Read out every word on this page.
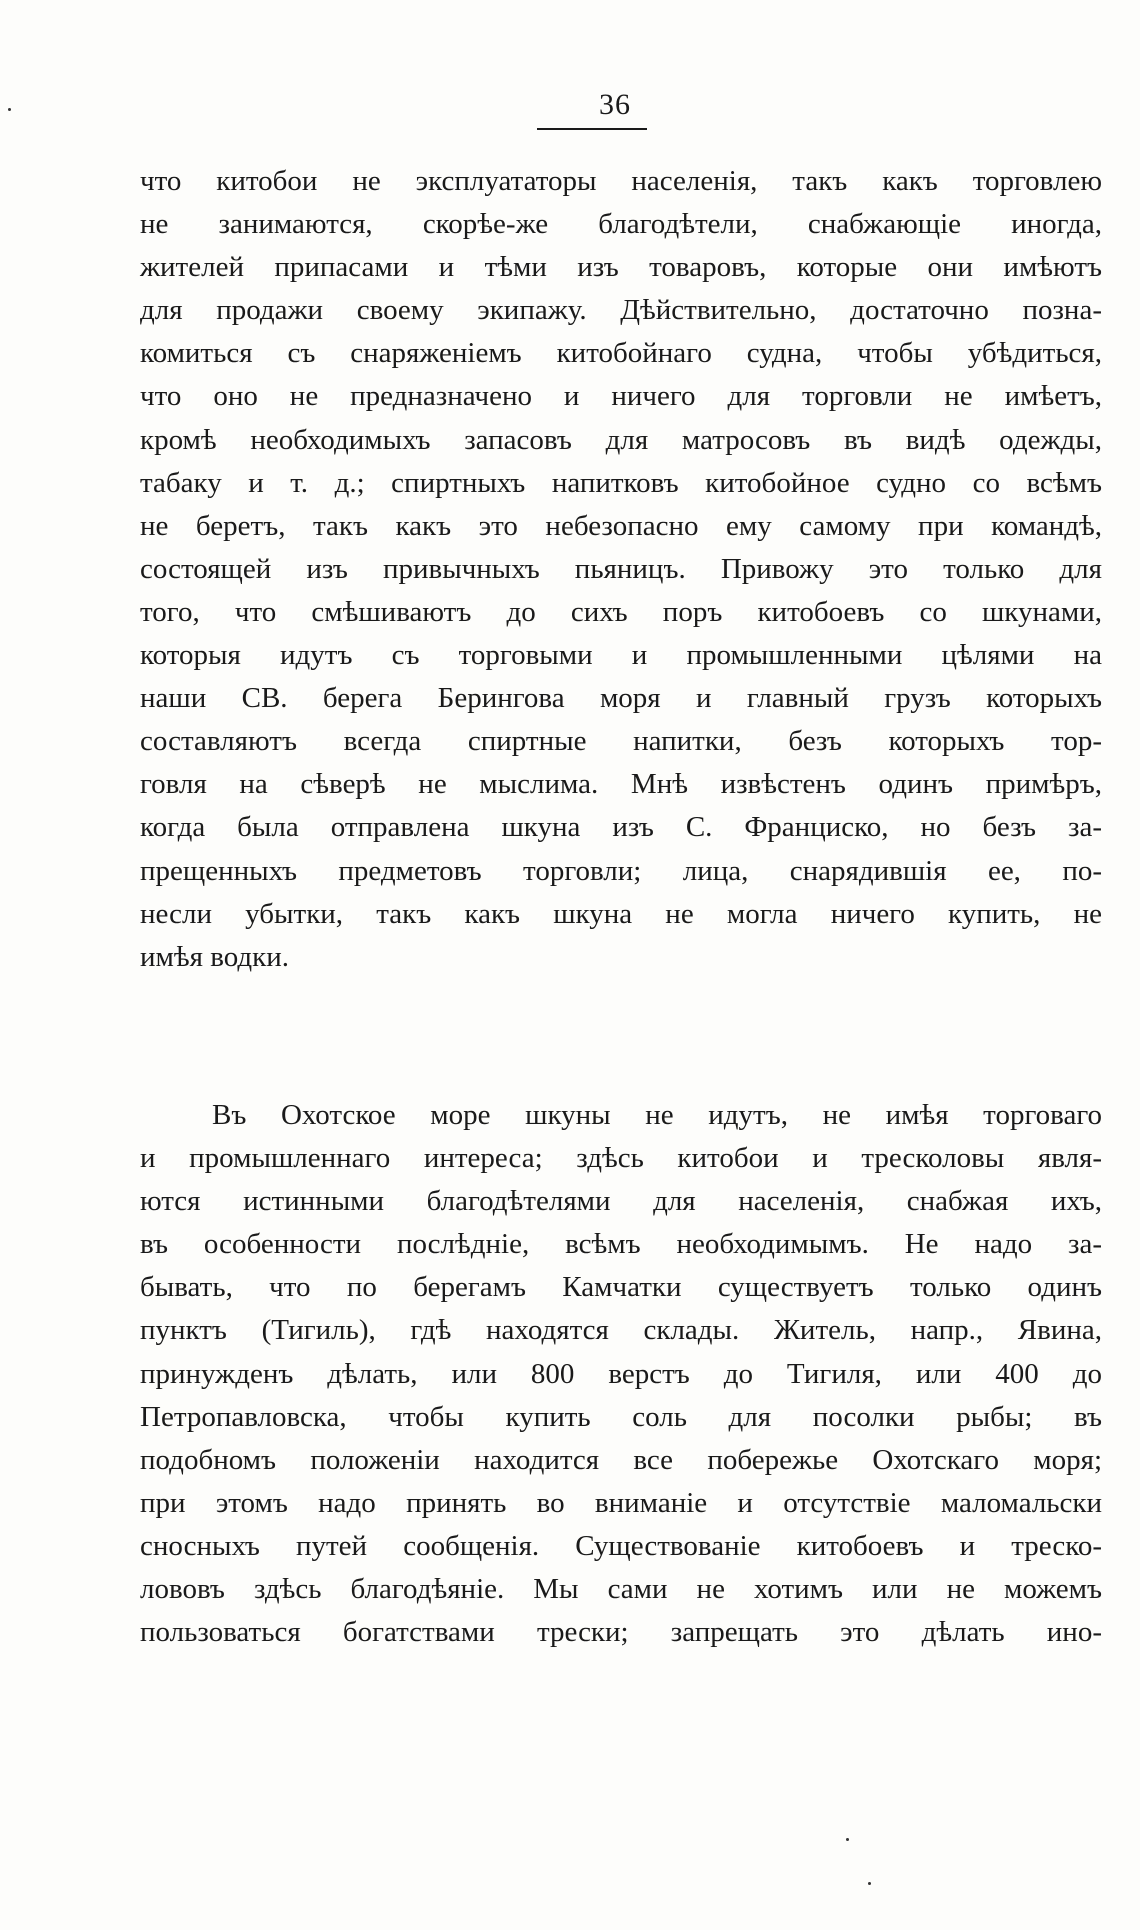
36
что китобои не эксплуататоры населенія, такъ какъ торговлею
не занимаются, скорѣе-же благодѣтели, снабжающіе иногда,
жителей припасами и тѣми изъ товаровъ, которые они имѣютъ
для продажи своему экипажу. Дѣйствительно, достаточно позна-
комиться съ снаряженіемъ китобойнаго судна, чтобы убѣдиться,
что оно не предназначено и ничего для торговли не имѣетъ,
кромѣ необходимыхъ запасовъ для матросовъ въ видѣ одежды,
табаку и т. д.; спиртныхъ напитковъ китобойное судно со всѣмъ
не беретъ, такъ какъ это небезопасно ему самому при командѣ,
состоящей изъ привычныхъ пьяницъ. Привожу это только для
того, что смѣшиваютъ до сихъ поръ китобоевъ со шкунами,
которыя идутъ съ торговыми и промышленными цѣлями на
наши СВ. берега Берингова моря и главный грузъ которыхъ
составляютъ всегда спиртные напитки, безъ которыхъ тор-
говля на сѣверѣ не мыслима. Мнѣ извѣстенъ одинъ примѣръ,
когда была отправлена шкуна изъ С. Франциско, но безъ за-
прещенныхъ предметовъ торговли; лица, снарядившія ее, по-
несли убытки, такъ какъ шкуна не могла ничего купить, не
имѣя водки.
Въ Охотское море шкуны не идутъ, не имѣя торговаго
и промышленнаго интереса; здѣсь китобои и тресколовы явля-
ются истинными благодѣтелями для населенія, снабжая ихъ,
въ особенности послѣдніе, всѣмъ необходимымъ. Не надо за-
бывать, что по берегамъ Камчатки существуетъ только одинъ
пунктъ (Тигиль), гдѣ находятся склады. Житель, напр., Явина,
принужденъ дѣлать, или 800 верстъ до Тигиля, или 400 до
Петропавловска, чтобы купить соль для посолки рыбы; въ
подобномъ положеніи находится все побережье Охотскаго моря;
при этомъ надо принять во вниманіе и отсутствіе маломальски
сносныхъ путей сообщенія. Существованіе китобоевъ и треско-
лововъ здѣсь благодѣяніе. Мы сами не хотимъ или не можемъ
пользоваться богатствами трески; запрещать это дѣлать ино-
